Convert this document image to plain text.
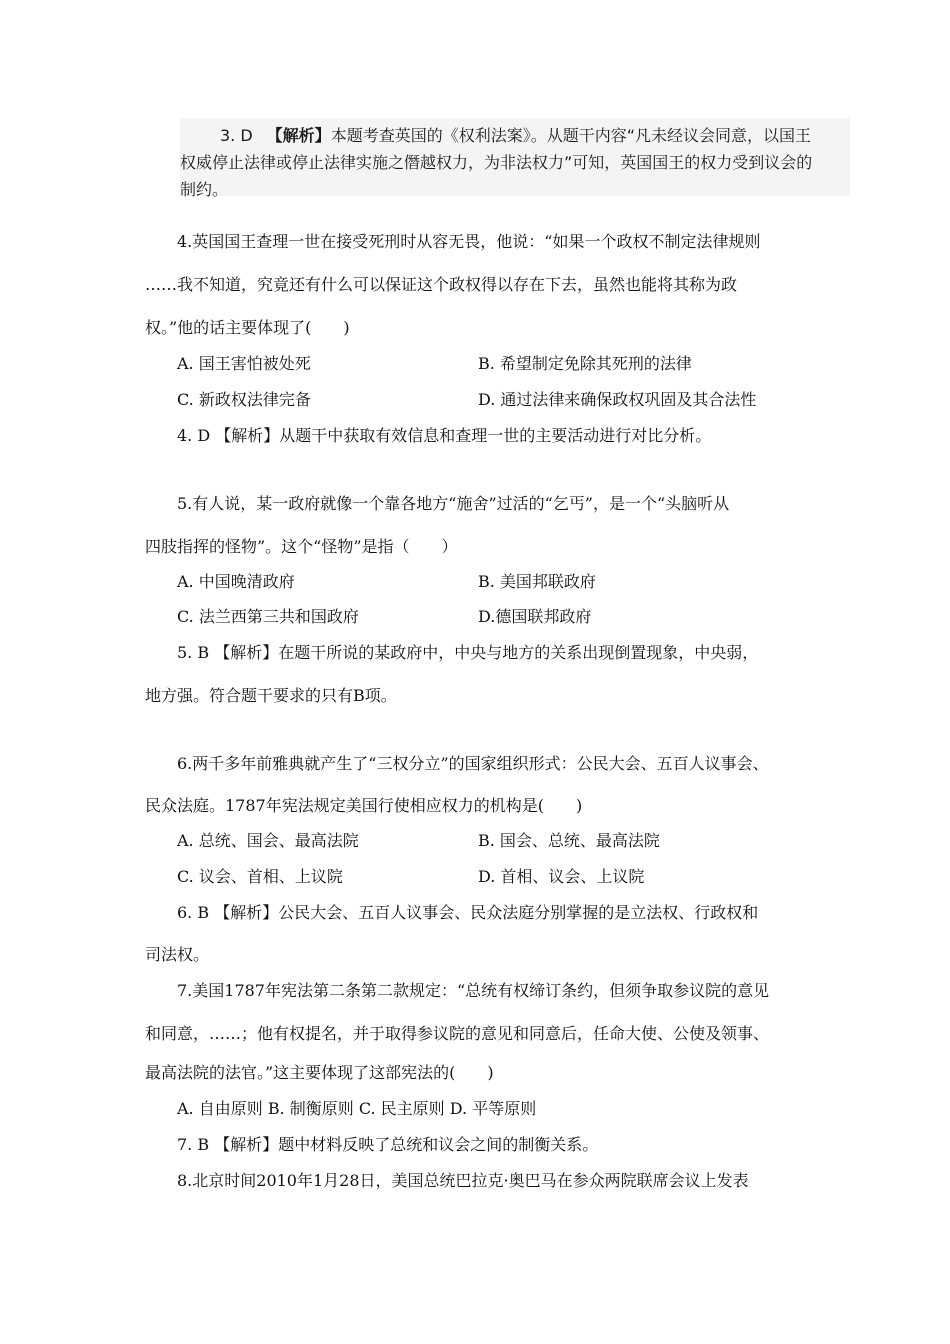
3. D 【解析】本题考查英国的《权利法案》。从题干内容“凡未经议会同意，以国王
权威停止法律或停止法律实施之僭越权力，为非法权力”可知，英国国王的权力受到议会的
制约。
4.英国国王查理一世在接受死刑时从容无畏，他说：“如果一个政权不制定法律规则
……我不知道，究竟还有什么可以保证这个政权得以存在下去，虽然也能将其称为政
权。”他的话主要体现了(　　)
A. 国王害怕被处死	B. 希望制定免除其死刑的法律
C. 新政权法律完备	D. 通过法律来确保政权巩固及其合法性
4. D 【解析】从题干中获取有效信息和查理一世的主要活动进行对比分析。
5.有人说，某一政府就像一个靠各地方“施舍”过活的“乞丐”，是一个“头脑听从
四肢指挥的怪物”。这个“怪物”是指（　　）
A. 中国晚清政府	B. 美国邦联政府
C. 法兰西第三共和国政府	D.德国联邦政府
5. B 【解析】在题干所说的某政府中，中央与地方的关系出现倒置现象，中央弱，
地方强。符合题干要求的只有B项。
6.两千多年前雅典就产生了“三权分立”的国家组织形式：公民大会、五百人议事会、
民众法庭。1787年宪法规定美国行使相应权力的机构是(　　)
A. 总统、国会、最高法院	B. 国会、总统、最高法院
C. 议会、首相、上议院	D. 首相、议会、上议院
6. B 【解析】公民大会、五百人议事会、民众法庭分别掌握的是立法权、行政权和
司法权。
7.美国1787年宪法第二条第二款规定：“总统有权缔订条约，但须争取参议院的意见
和同意，……；他有权提名，并于取得参议院的意见和同意后，任命大使、公使及领事、
最高法院的法官。”这主要体现了这部宪法的(　　)
A. 自由原则 B. 制衡原则 C. 民主原则 D. 平等原则
7. B 【解析】题中材料反映了总统和议会之间的制衡关系。
8.北京时间2010年1月28日，美国总统巴拉克·奥巴马在参众两院联席会议上发表
